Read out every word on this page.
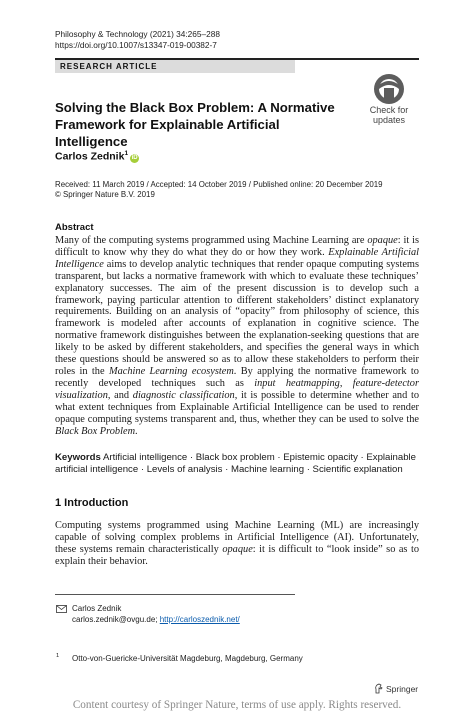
Philosophy & Technology (2021) 34:265–288
https://doi.org/10.1007/s13347-019-00382-7
RESEARCH ARTICLE
Check for
updates
Solving the Black Box Problem: A Normative Framework for Explainable Artificial Intelligence
Carlos Zednik$^1$iD
Received: 11 March 2019 / Accepted: 14 October 2019 / Published online: 20 December 2019
© Springer Nature B.V. 2019
Abstract
Many of the computing systems programmed using Machine Learning are opaque: it is difficult to know why they do what they do or how they work. Explainable Artificial Intelligence aims to develop analytic techniques that render opaque computing systems transparent, but lacks a normative framework with which to evaluate these techniques’ explanatory successes. The aim of the present discussion is to develop such a framework, paying particular attention to different stakeholders’ distinct explanatory requirements. Building on an analysis of “opacity” from philosophy of science, this framework is modeled after accounts of explanation in cognitive science. The normative framework distinguishes between the explanation-seeking questions that are likely to be asked by different stakeholders, and specifies the general ways in which these questions should be answered so as to allow these stakeholders to perform their roles in the Machine Learning ecosystem. By applying the normative framework to recently developed techniques such as input heatmapping, feature-detector visualization, and diagnostic classification, it is possible to determine whether and to what extent techniques from Explainable Artificial Intelligence can be used to render opaque computing systems transparent and, thus, whether they can be used to solve the Black Box Problem.
Keywords Artificial intelligence · Black box problem · Epistemic opacity · Explainable artificial intelligence · Levels of analysis · Machine learning · Scientific explanation
1 Introduction
Computing systems programmed using Machine Learning (ML) are increasingly capable of solving complex problems in Artificial Intelligence (AI). Unfortunately, these systems remain characteristically opaque: it is difficult to “look inside” so as to explain their behavior.
Carlos Zednik
carlos.zednik@ovgu.de; http://carloszednik.net/
$^1$ Otto-von-Guericke-Universität Magdeburg, Magdeburg, Germany
Springer
Content courtesy of Springer Nature, terms of use apply. Rights reserved.
